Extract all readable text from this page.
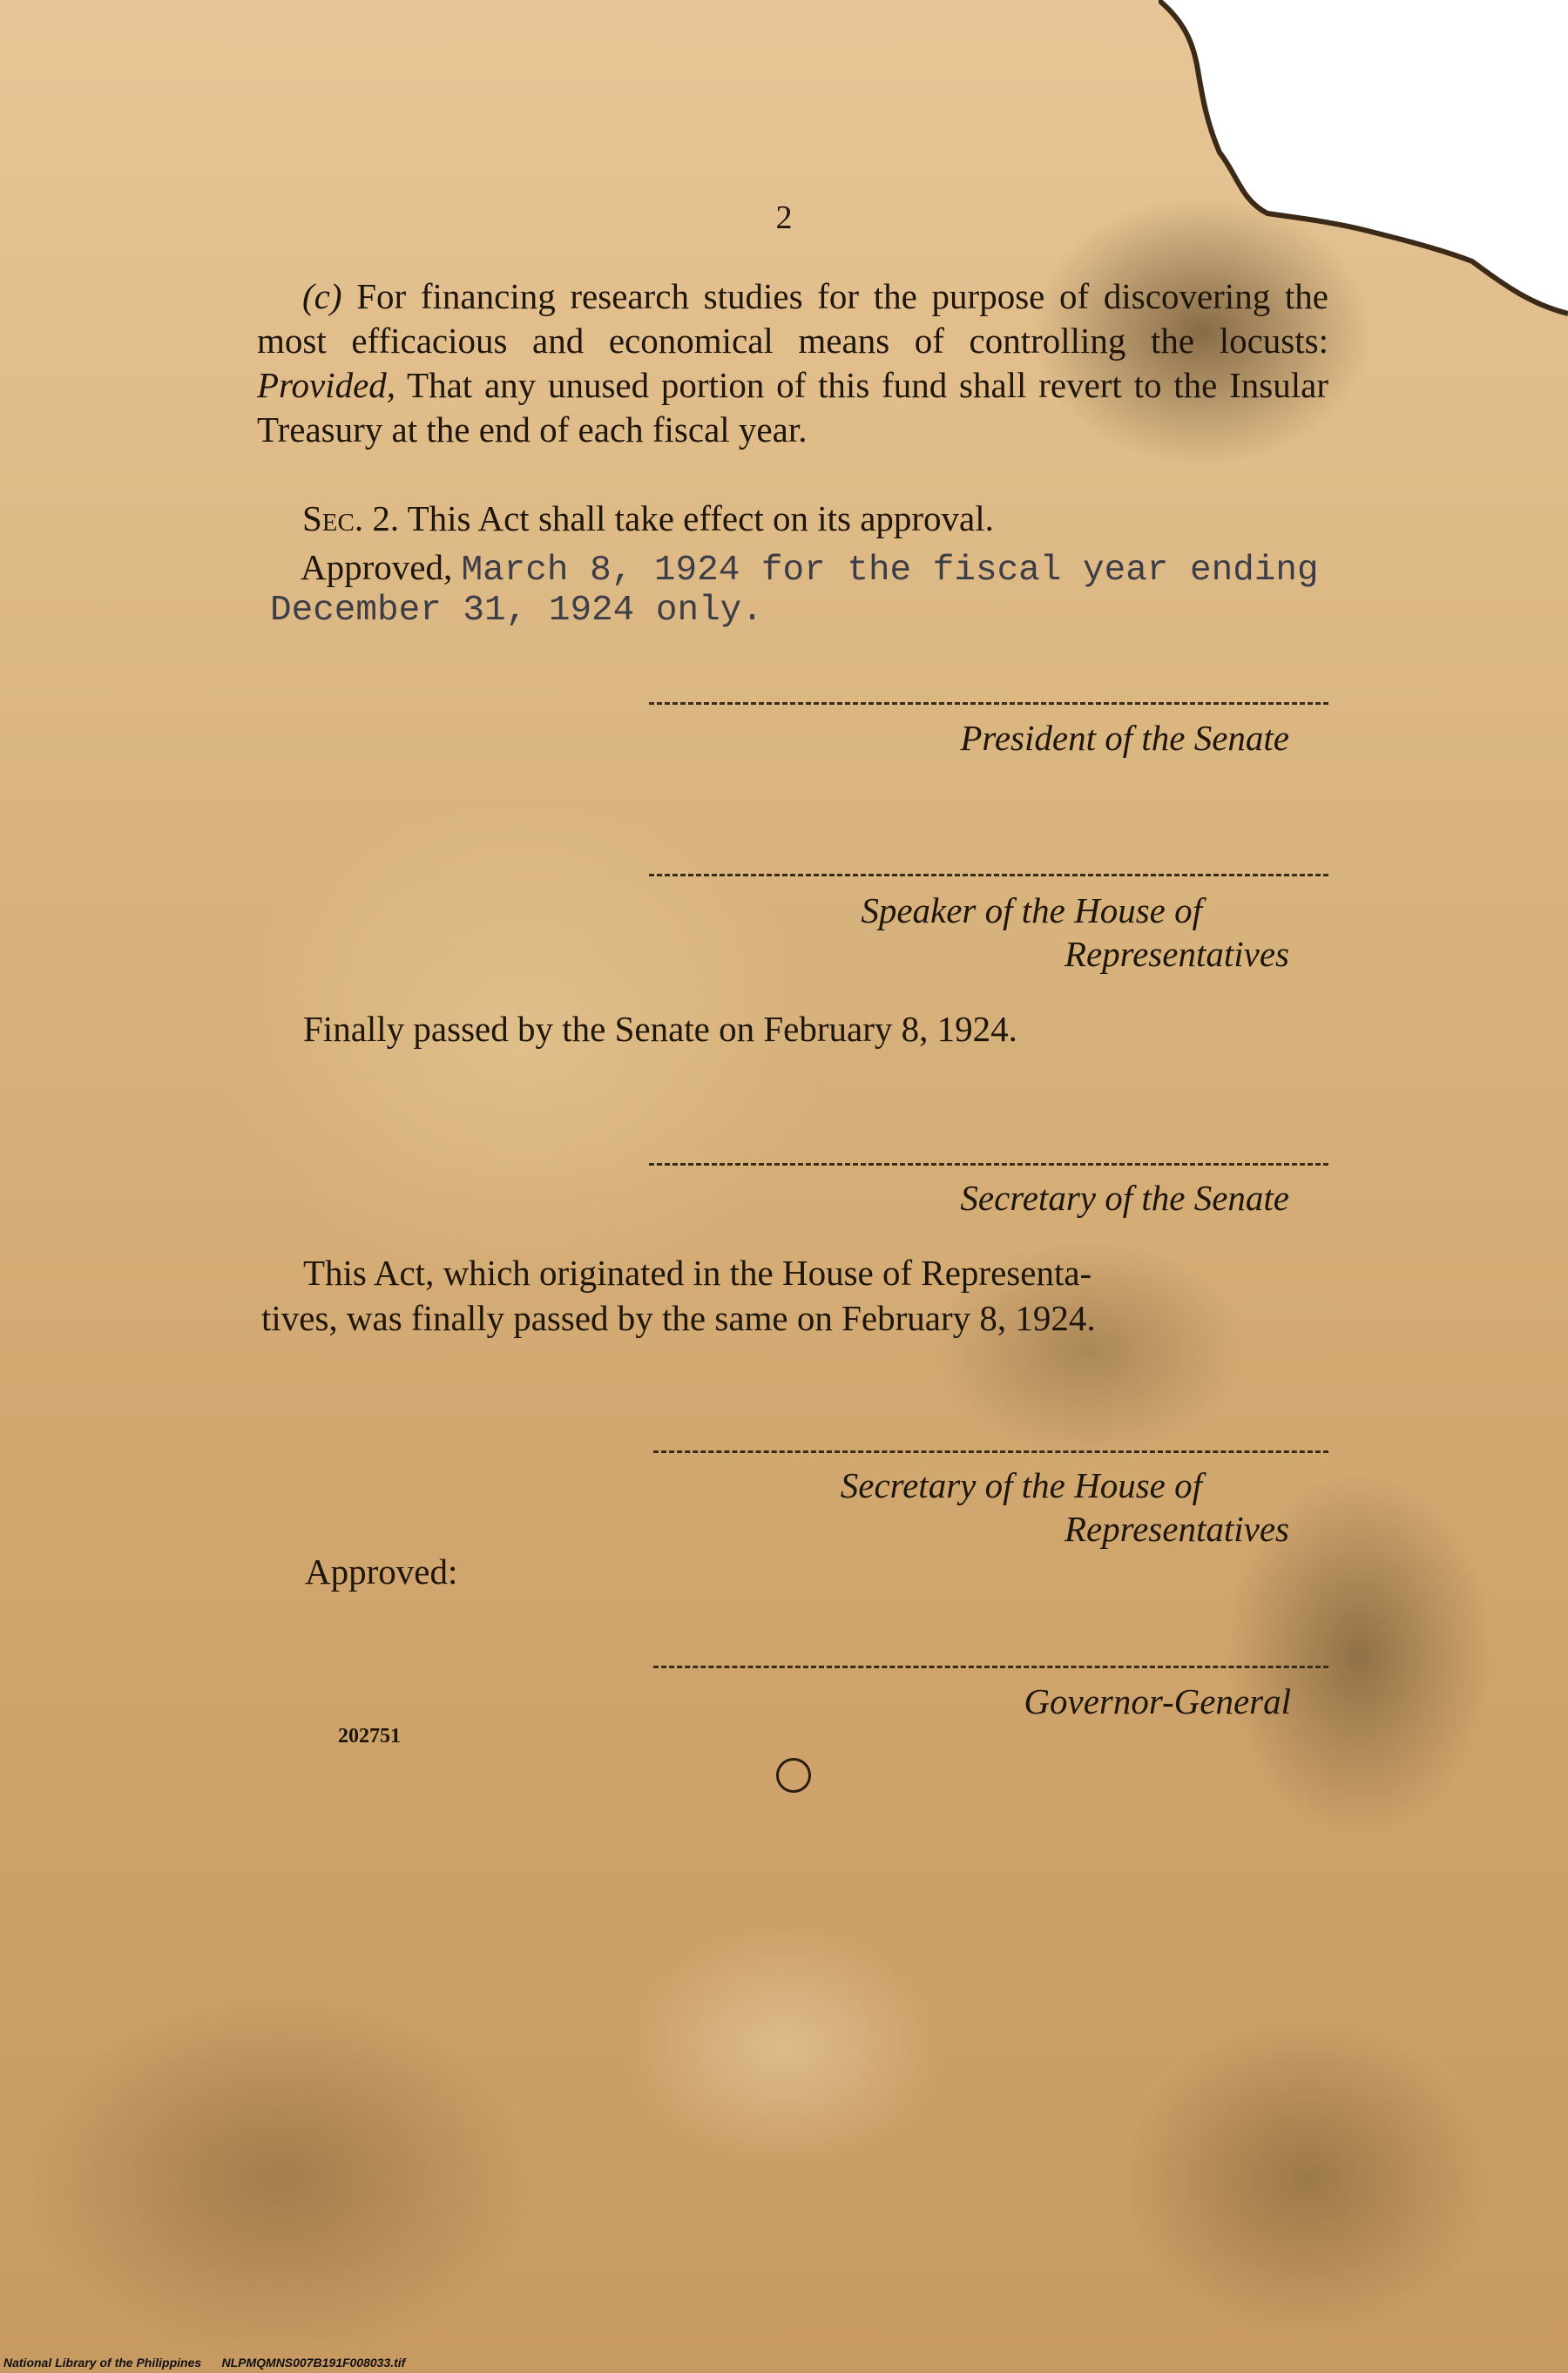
2

(c) For financing research studies for the purpose of discovering the most efficacious and economical means of controlling the locusts: Provided, That any unused portion of this fund shall revert to the Insular Treasury at the end of each fiscal year.

Sec. 2. This Act shall take effect on its approval.

Approved, March 8, 1924 for the fiscal year ending

December 31, 1924 only.

President of the Senate

Speaker of the House of

Representatives

Finally passed by the Senate on February 8, 1924.

Secretary of the Senate

This Act, which originated in the House of Representa-

tives, was finally passed by the same on February 8, 1924.

Secretary of the House of

Representatives

Approved:

Governor-General

202751

National Library of the Philippines NLPMQMNS007B191F008033.tif
